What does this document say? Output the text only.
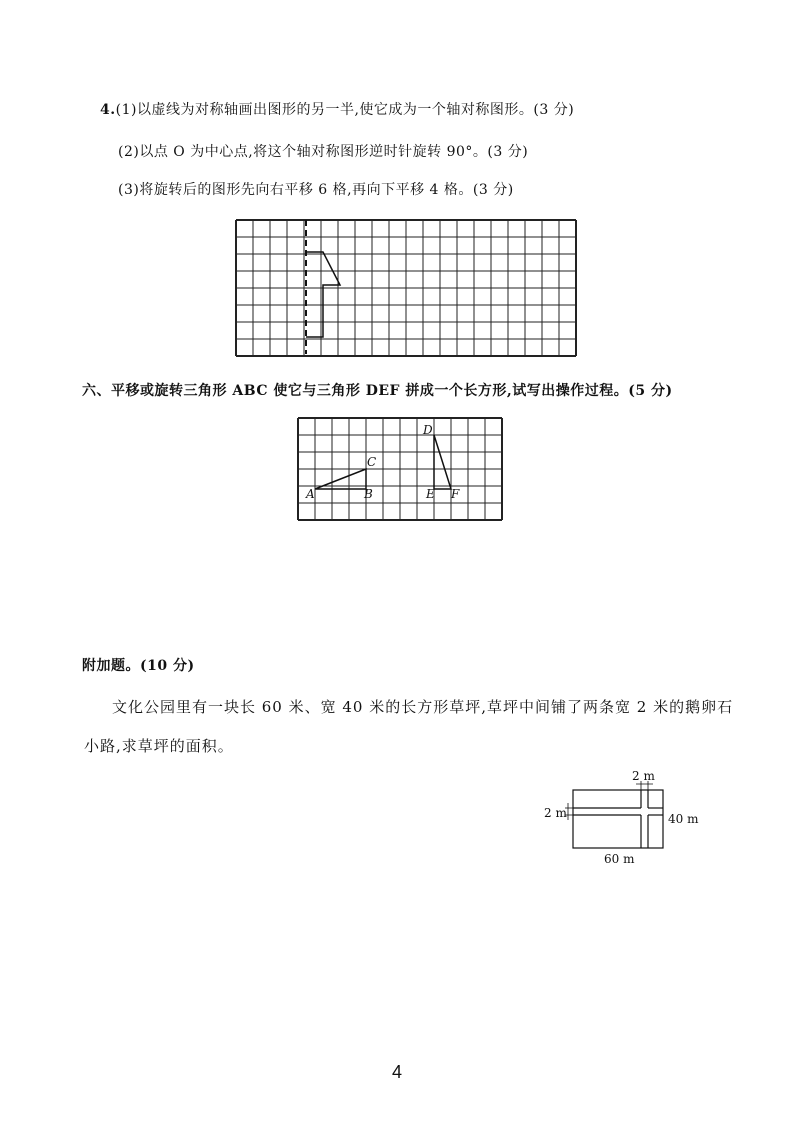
4.(1)以虚线为对称轴画出图形的另一半,使它成为一个轴对称图形。(3 分)
(2)以点 O 为中心点,将这个轴对称图形逆时针旋转 90°。(3 分)
(3)将旋转后的图形先向右平移 6 格,再向下平移 4 格。(3 分)
六、平移或旋转三角形 ABC 使它与三角形 DEF 拼成一个长方形,试写出操作过程。(5 分)
A	B
C
D
E F
附加题。(10 分)
文化公园里有一块长 60 米、宽 40 米的长方形草坪,草坪中间铺了两条宽 2 米的鹅卵石
小路,求草坪的面积。
2 m
2 m	40 m
60 m
4
